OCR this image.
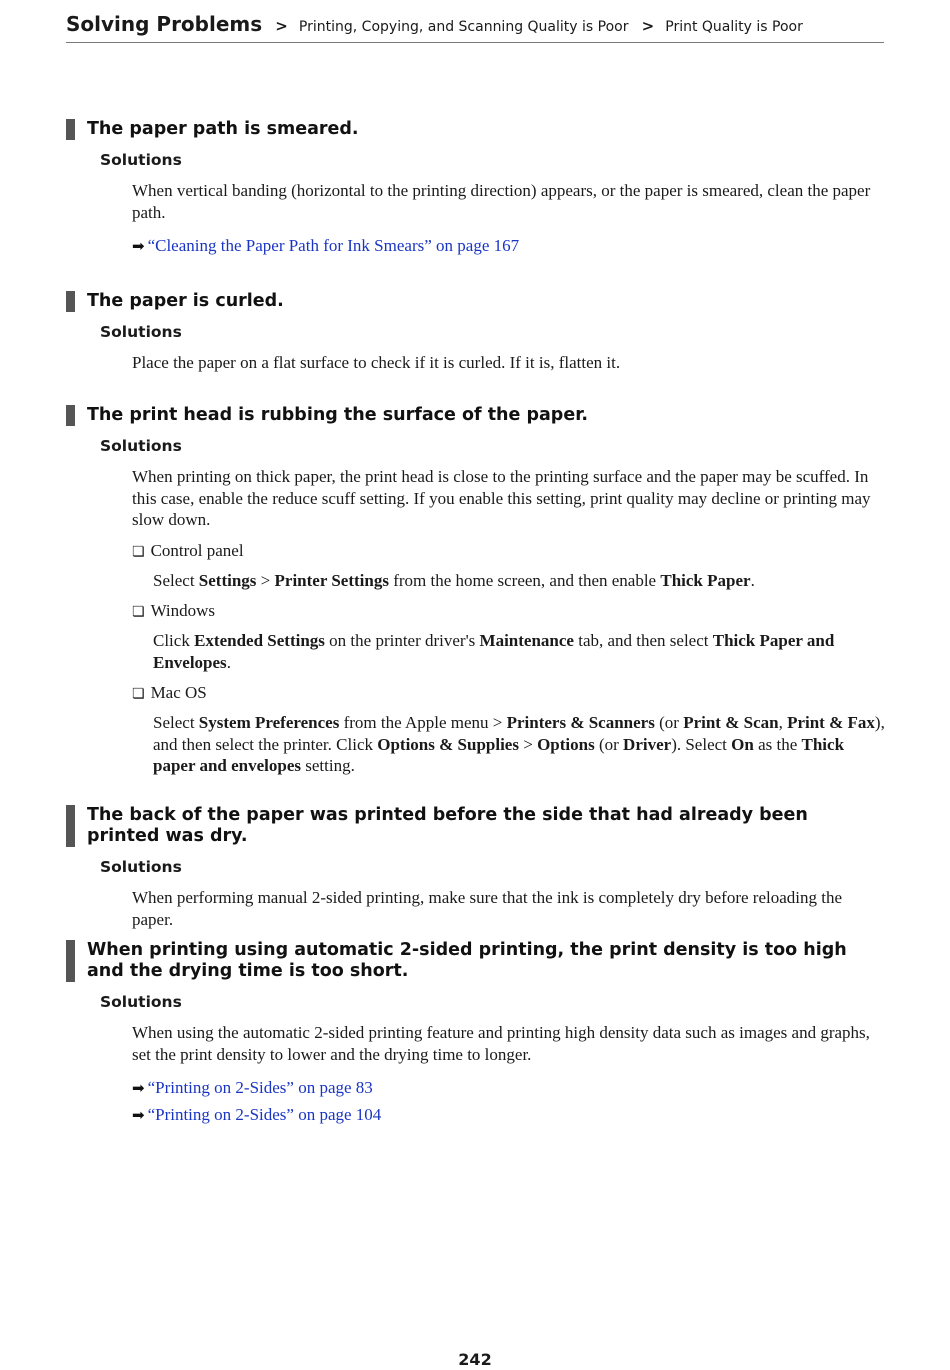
Solving Problems > Printing, Copying, and Scanning Quality is Poor > Print Quality is Poor
The paper path is smeared.
Solutions
When vertical banding (horizontal to the printing direction) appears, or the paper is smeared, clean the paper path.
➡ “Cleaning the Paper Path for Ink Smears” on page 167
The paper is curled.
Solutions
Place the paper on a flat surface to check if it is curled. If it is, flatten it.
The print head is rubbing the surface of the paper.
Solutions
When printing on thick paper, the print head is close to the printing surface and the paper may be scuffed. In this case, enable the reduce scuff setting. If you enable this setting, print quality may decline or printing may slow down.
❏ Control panel
Select Settings > Printer Settings from the home screen, and then enable Thick Paper.
❏ Windows
Click Extended Settings on the printer driver's Maintenance tab, and then select Thick Paper and Envelopes.
❏ Mac OS
Select System Preferences from the Apple menu > Printers & Scanners (or Print & Scan, Print & Fax), and then select the printer. Click Options & Supplies > Options (or Driver). Select On as the Thick paper and envelopes setting.
The back of the paper was printed before the side that had already been printed was dry.
Solutions
When performing manual 2-sided printing, make sure that the ink is completely dry before reloading the paper.
When printing using automatic 2-sided printing, the print density is too high and the drying time is too short.
Solutions
When using the automatic 2-sided printing feature and printing high density data such as images and graphs, set the print density to lower and the drying time to longer.
➡ “Printing on 2-Sides” on page 83
➡ “Printing on 2-Sides” on page 104
242
